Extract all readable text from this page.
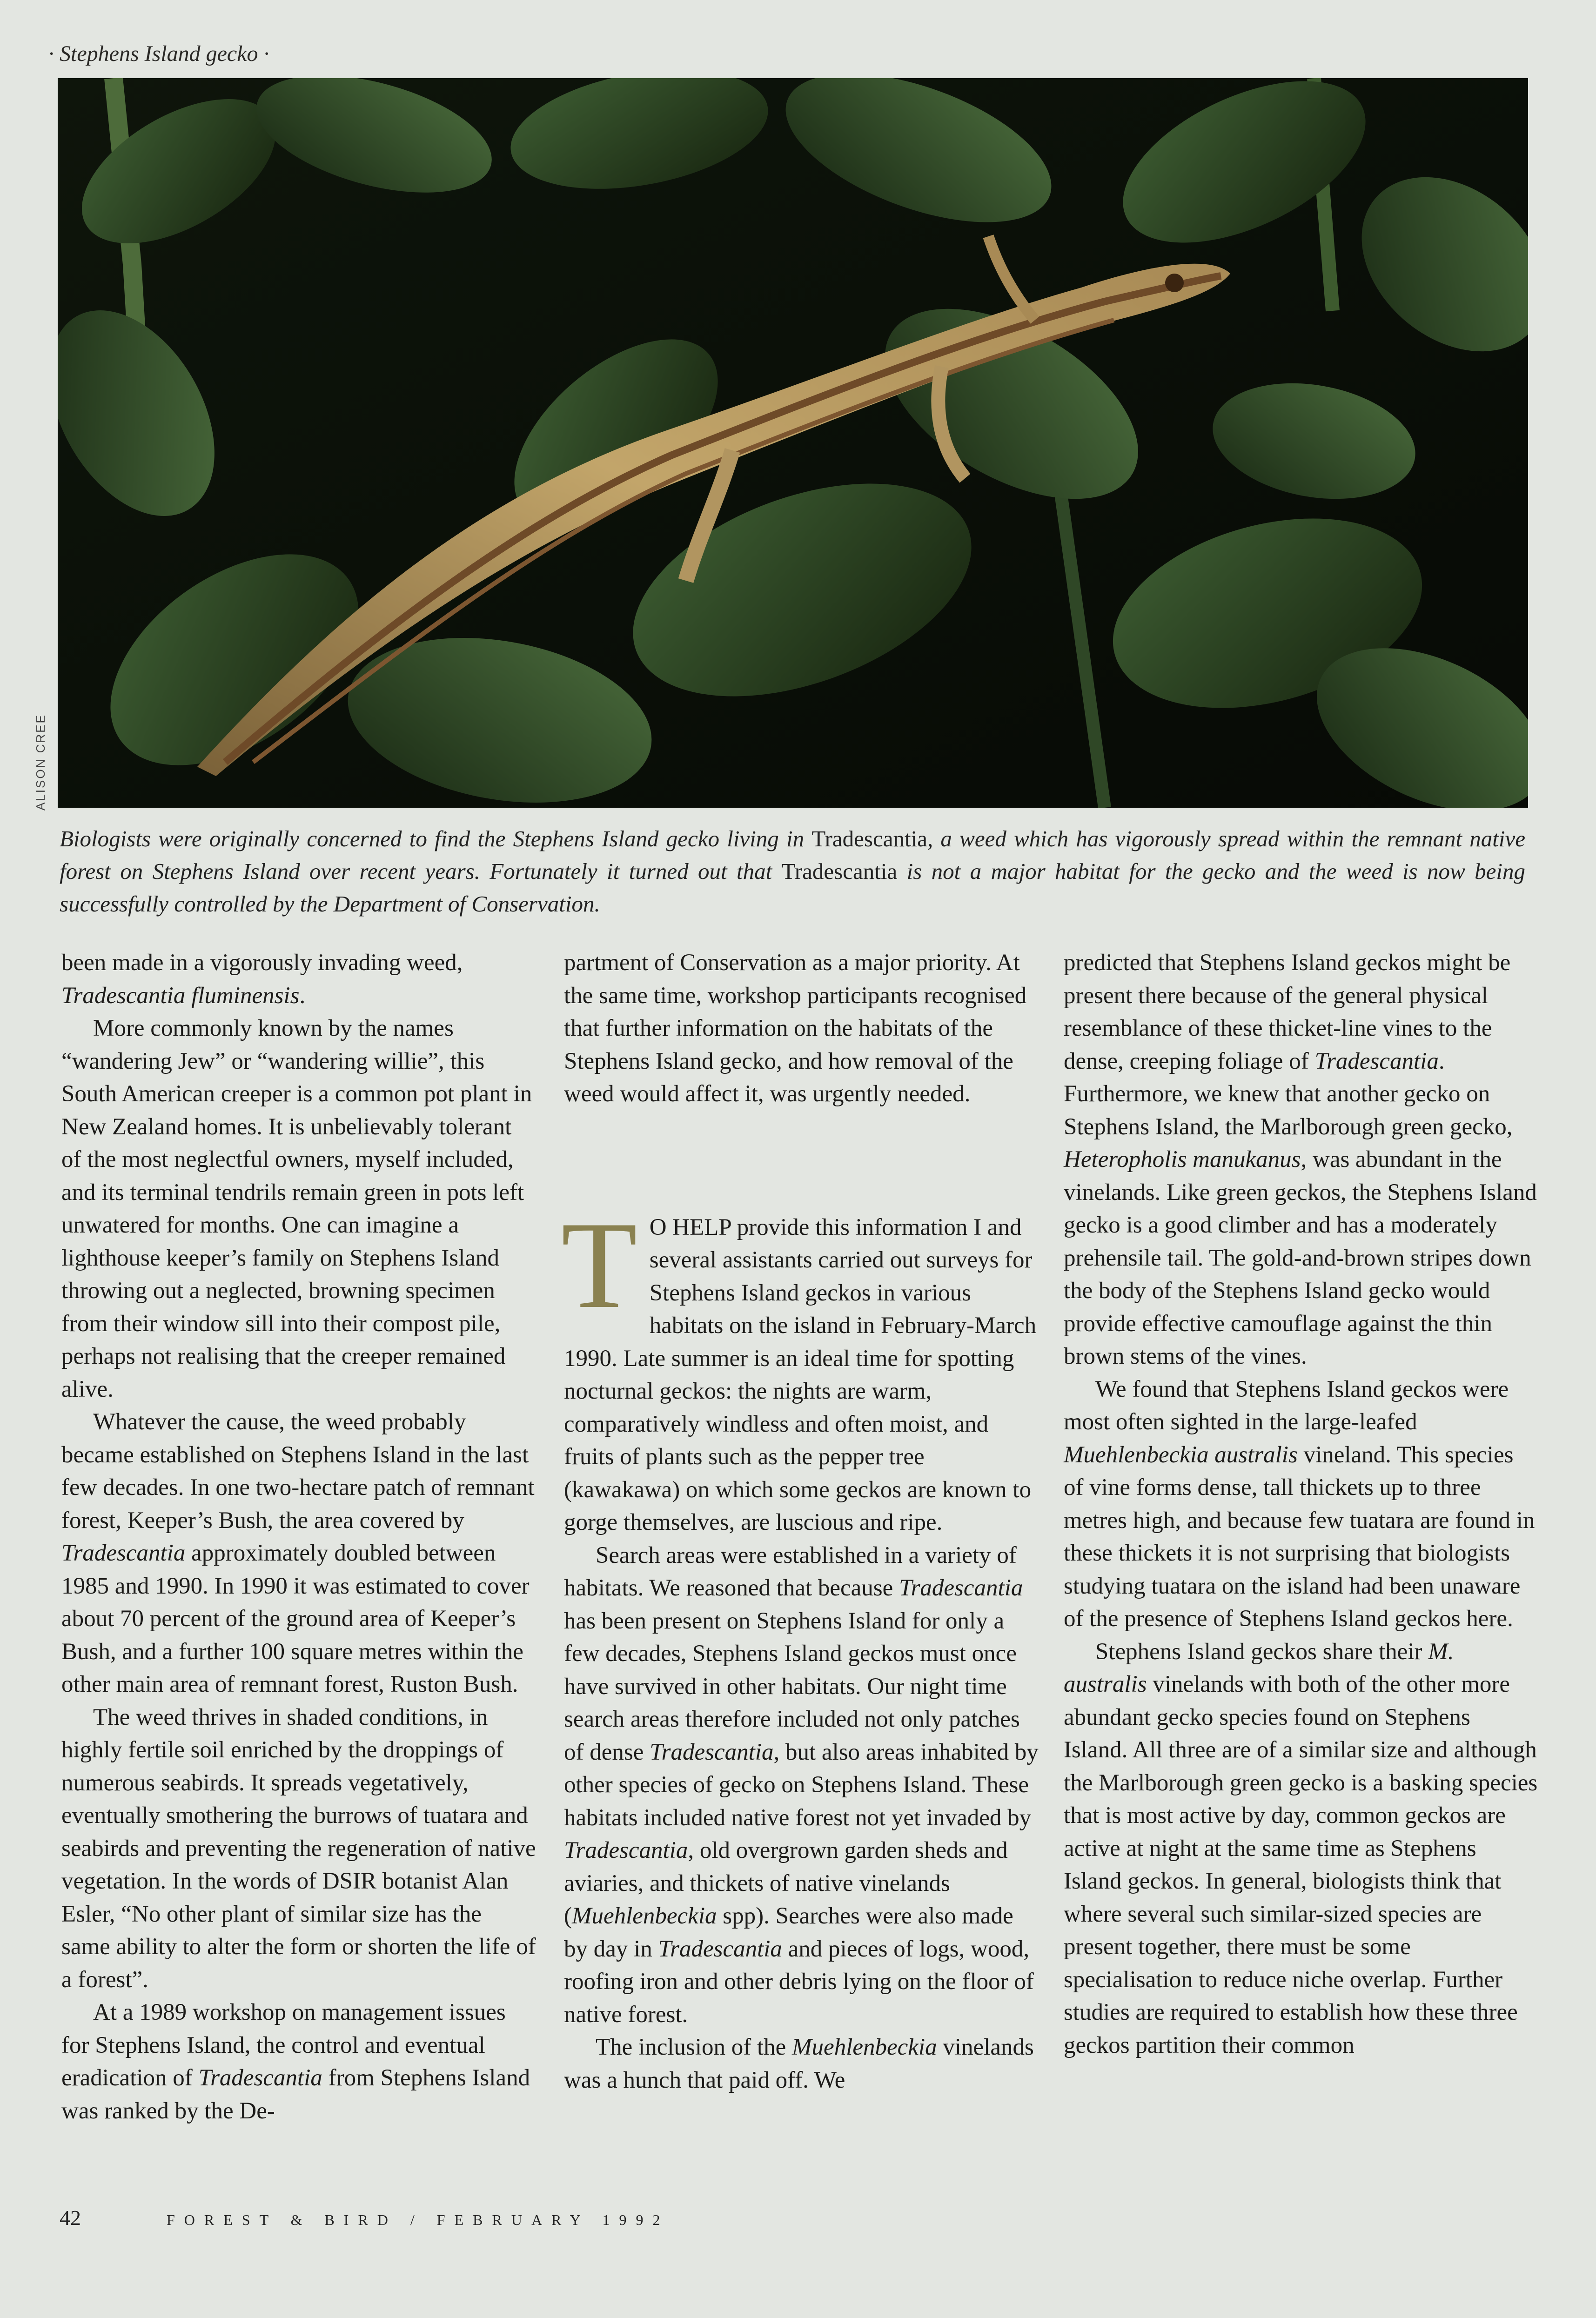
· Stephens Island gecko ·
ALISON CREE
Biologists were originally concerned to find the Stephens Island gecko living in Tradescantia, a weed which has vigorously spread within the remnant native forest on Stephens Island over recent years. Fortunately it turned out that Tradescantia is not a major habitat for the gecko and the weed is now being successfully controlled by the Department of Conservation.

been made in a vigorously invading weed, Tradescantia fluminensis.

More commonly known by the names “wandering Jew” or “wandering willie”, this South American creeper is a common pot plant in New Zealand homes. It is unbelievably tolerant of the most neglectful owners, myself included, and its terminal tendrils remain green in pots left unwatered for months. One can imagine a lighthouse keeper’s family on Stephens Island throwing out a neglected, browning specimen from their window sill into their compost pile, perhaps not realising that the creeper remained alive.

Whatever the cause, the weed probably became established on Stephens Island in the last few decades. In one two-hectare patch of remnant forest, Keeper’s Bush, the area covered by Tradescantia approximately doubled between 1985 and 1990. In 1990 it was estimated to cover about 70 percent of the ground area of Keeper’s Bush, and a further 100 square metres within the other main area of remnant forest, Ruston Bush.

The weed thrives in shaded conditions, in highly fertile soil enriched by the droppings of numerous seabirds. It spreads vegetatively, eventually smothering the burrows of tuatara and seabirds and preventing the regeneration of native vegetation. In the words of DSIR botanist Alan Esler, “No other plant of similar size has the same ability to alter the form or shorten the life of a forest”.

At a 1989 workshop on management issues for Stephens Island, the control and eventual eradication of Tradescantia from Stephens Island was ranked by the De-

partment of Conservation as a major priority. At the same time, workshop participants recognised that further information on the habitats of the Stephens Island gecko, and how removal of the weed would affect it, was urgently needed.

T O HELP provide this information I and several assistants carried out surveys for Stephens Island geckos in various habitats on the island in February-March 1990. Late summer is an ideal time for spotting nocturnal geckos: the nights are warm, comparatively windless and often moist, and fruits of plants such as the pepper tree (kawakawa) on which some geckos are known to gorge themselves, are luscious and ripe.

Search areas were established in a variety of habitats. We reasoned that because Tradescantia has been present on Stephens Island for only a few decades, Stephens Island geckos must once have survived in other habitats. Our night time search areas therefore included not only patches of dense Tradescantia, but also areas inhabited by other species of gecko on Stephens Island. These habitats included native forest not yet invaded by Tradescantia, old overgrown garden sheds and aviaries, and thickets of native vinelands (Muehlenbeckia spp). Searches were also made by day in Tradescantia and pieces of logs, wood, roofing iron and other debris lying on the floor of native forest.

The inclusion of the Muehlenbeckia vinelands was a hunch that paid off. We

predicted that Stephens Island geckos might be present there because of the general physical resemblance of these thicket-line vines to the dense, creeping foliage of Tradescantia. Furthermore, we knew that another gecko on Stephens Island, the Marlborough green gecko, Heteropholis manukanus, was abundant in the vinelands. Like green geckos, the Stephens Island gecko is a good climber and has a moderately prehensile tail. The gold-and-brown stripes down the body of the Stephens Island gecko would provide effective camouflage against the thin brown stems of the vines.

We found that Stephens Island geckos were most often sighted in the large-leafed Muehlenbeckia australis vineland. This species of vine forms dense, tall thickets up to three metres high, and because few tuatara are found in these thickets it is not surprising that biologists studying tuatara on the island had been unaware of the presence of Stephens Island geckos here.

Stephens Island geckos share their M. australis vinelands with both of the other more abundant gecko species found on Stephens Island. All three are of a similar size and although the Marlborough green gecko is a basking species that is most active by day, common geckos are active at night at the same time as Stephens Island geckos. In general, biologists think that where several such similar-sized species are present together, there must be some specialisation to reduce niche overlap. Further studies are required to establish how these three geckos partition their common

42	FOREST & BIRD / FEBRUARY 1992
